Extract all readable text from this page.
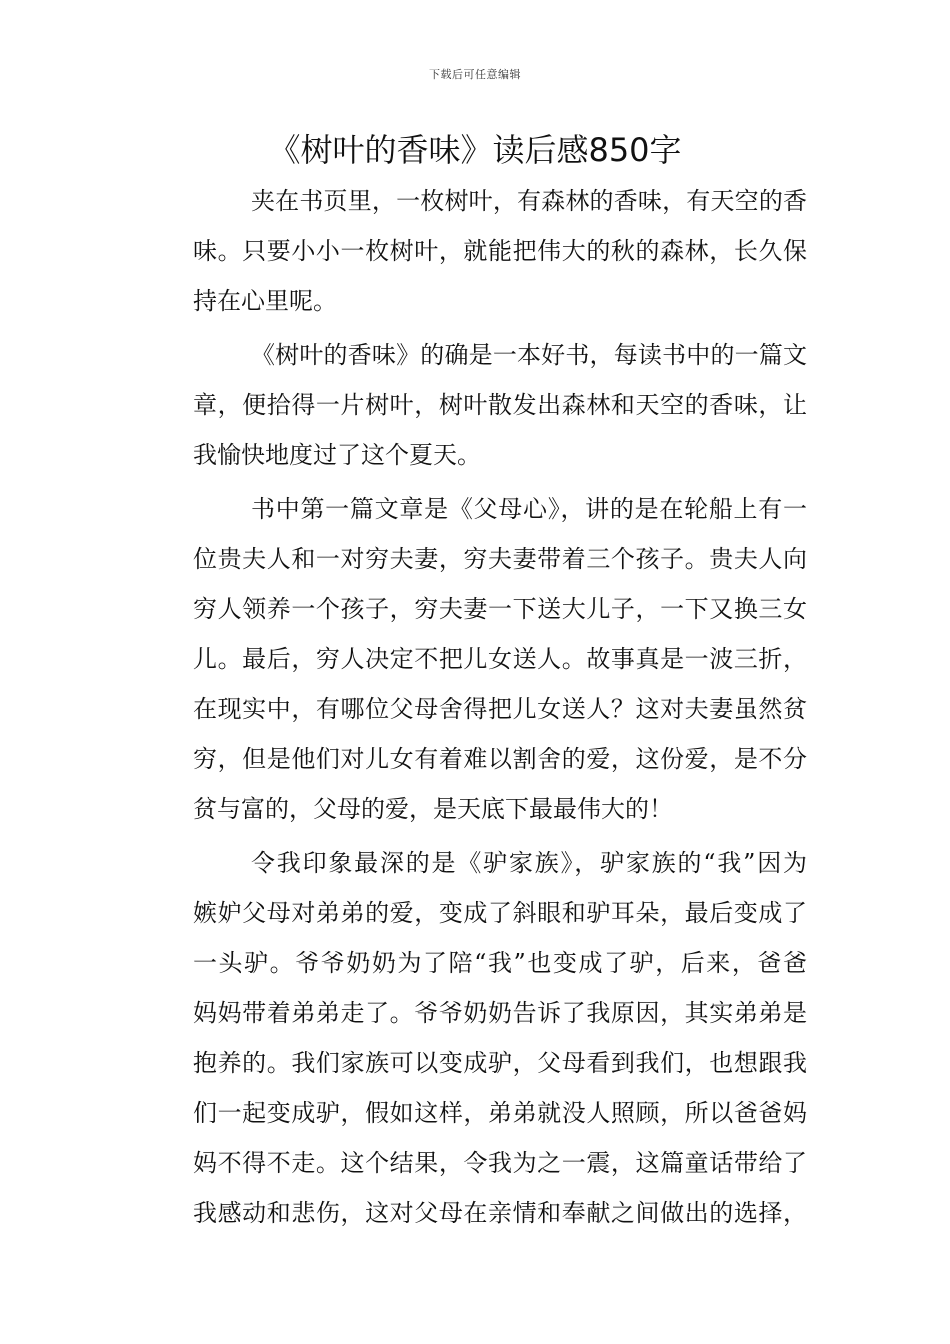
下载后可任意编辑
《树叶的香味》读后感850字
夹在书页里，一枚树叶，有森林的香味，有天空的香
味。只要小小一枚树叶，就能把伟大的秋的森林，长久保
持在心里呢。
《树叶的香味》的确是一本好书，每读书中的一篇文
章，便拾得一片树叶，树叶散发出森林和天空的香味，让
我愉快地度过了这个夏天。
书中第一篇文章是《父母心》，讲的是在轮船上有一
位贵夫人和一对穷夫妻，穷夫妻带着三个孩子。贵夫人向
穷人领养一个孩子，穷夫妻一下送大儿子，一下又换三女
儿。最后，穷人决定不把儿女送人。故事真是一波三折，
在现实中，有哪位父母舍得把儿女送人？这对夫妻虽然贫
穷，但是他们对儿女有着难以割舍的爱，这份爱，是不分
贫与富的，父母的爱，是天底下最最伟大的！
令我印象最深的是《驴家族》，驴家族的“我”因为
嫉妒父母对弟弟的爱，变成了斜眼和驴耳朵，最后变成了
一头驴。爷爷奶奶为了陪“我”也变成了驴，后来，爸爸
妈妈带着弟弟走了。爷爷奶奶告诉了我原因，其实弟弟是
抱养的。我们家族可以变成驴，父母看到我们，也想跟我
们一起变成驴，假如这样，弟弟就没人照顾，所以爸爸妈
妈不得不走。这个结果，令我为之一震，这篇童话带给了
我感动和悲伤，这对父母在亲情和奉献之间做出的选择，
